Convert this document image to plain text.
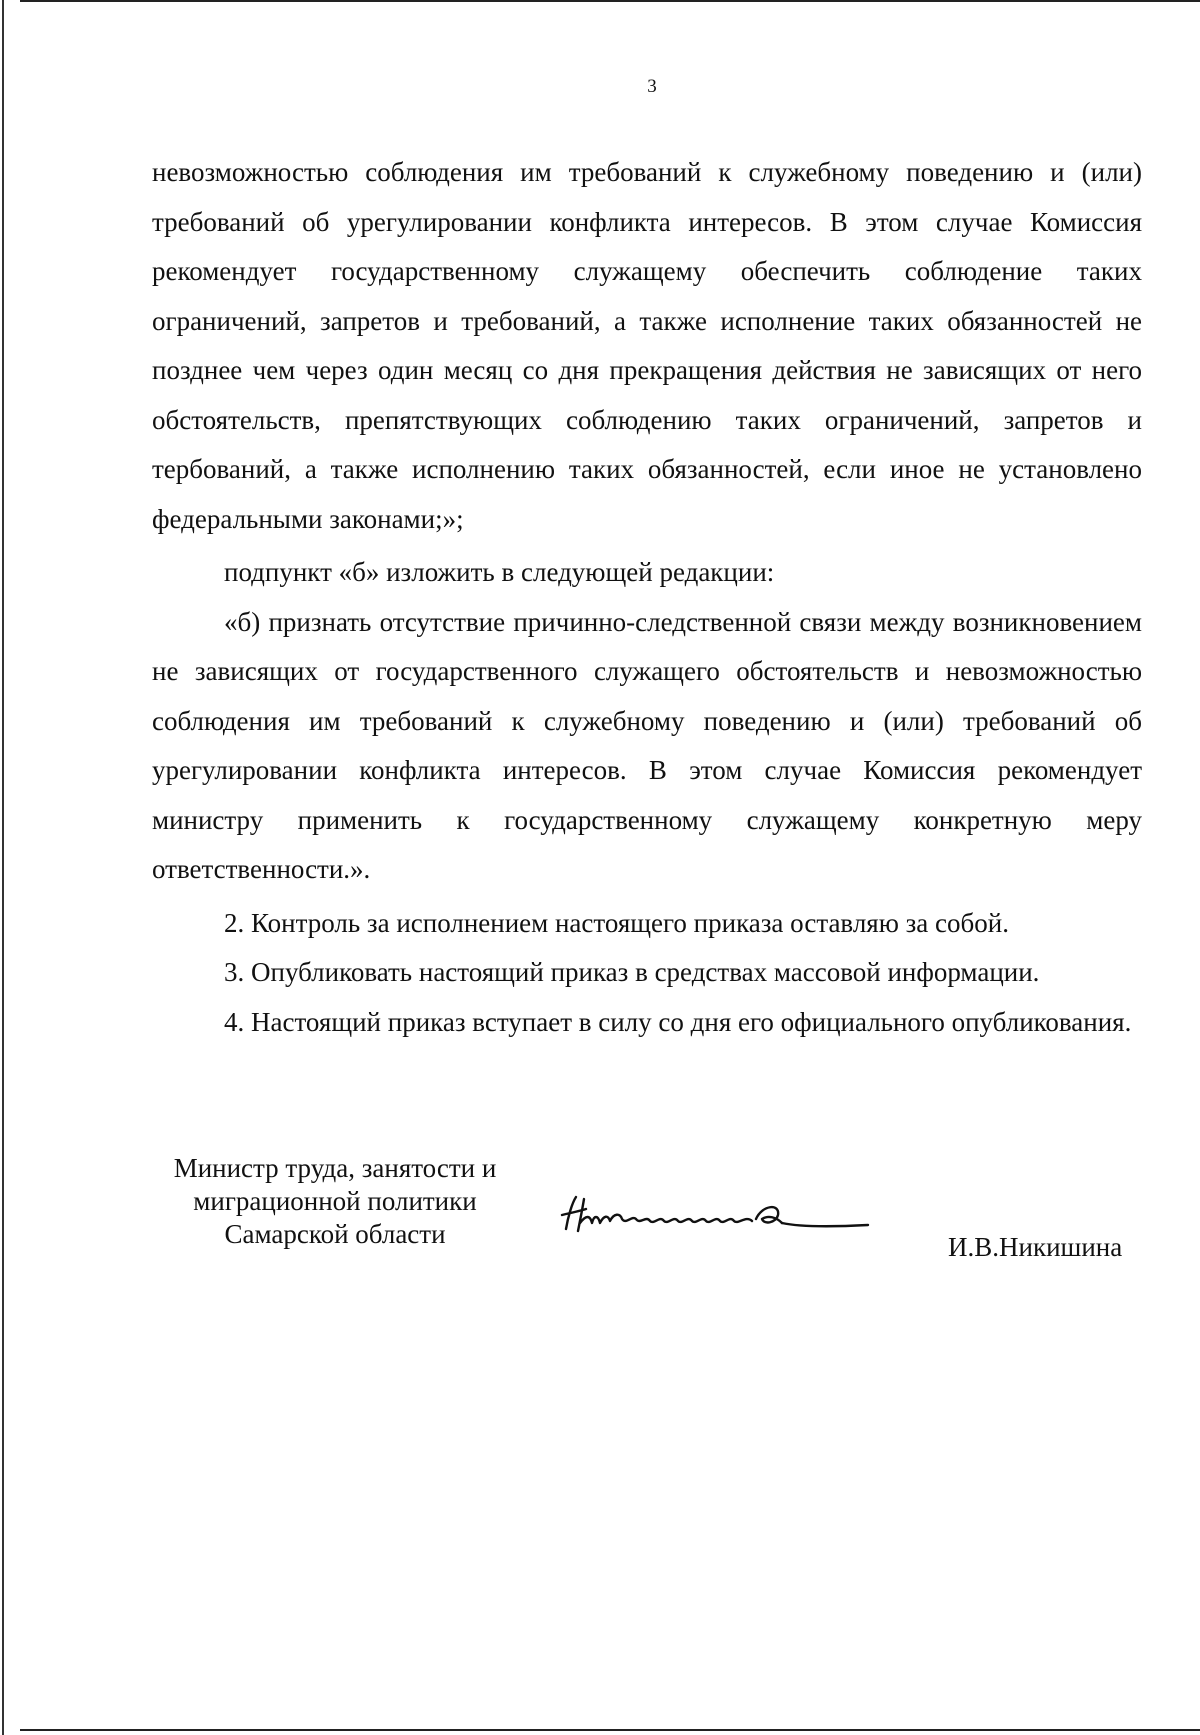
3

невозможностью соблюдения им требований к служебному поведению и (или) требований об урегулировании конфликта интересов. В этом случае Комиссия рекомендует государственному служащему обеспечить соблюдение таких ограничений, запретов и требований, а также исполнение таких обязанностей не позднее чем через один месяц со дня прекращения действия не зависящих от него обстоятельств, препятствующих соблюдению таких ограничений, запретов и тербований, а также исполнению таких обязанностей, если иное не установлено федеральными законами;»;

подпункт «б» изложить в следующей редакции:

«б) признать отсутствие причинно-следственной связи между возникновением не зависящих от государственного служащего обстоятельств и невозможностью соблюдения им требований к служебному поведению и (или) требований об урегулировании конфликта интересов. В этом случае Комиссия рекомендует министру применить к государственному служащему конкретную меру ответственности.».

2. Контроль за исполнением настоящего приказа оставляю за собой.

3. Опубликовать настоящий приказ в средствах массовой информации.

4. Настоящий приказ вступает в силу со дня его официального опубликования.

Министр труда, занятости и
миграционной политики
Самарской области	И.В.Никишина
